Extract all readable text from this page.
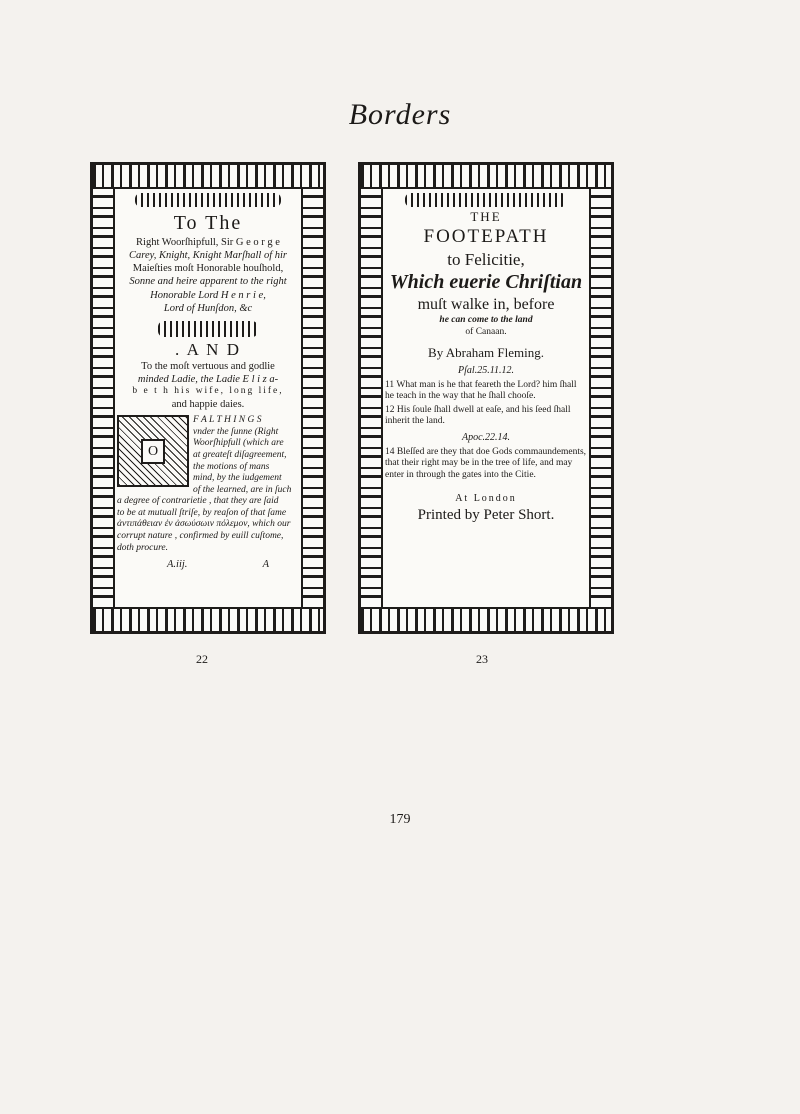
Borders
To The
Right Woorſhipfull, Sir G e o r g e
Carey, Knight, Knight Marſhall of hir
Maieſties moſt Honorable houſhold,
Sonne and heire apparent to the right
Honorable Lord H e n r i e,
Lord of Hunſdon, &c
. A N D
To the moſt vertuous and godlie
minded Ladie, the Ladie E l i z a-
b e t h his wife, long life,
and happie daies.
O
F A L T H I N G S
vnder the ſunne (Right
Woorſhipfull (which are
at greateſt diſagreement,
the motions of mans
mind, by the iudgement
of the learned, are in ſuch
a degree of contrarietie , that they are ſaid
to be at mutuall ſtriſe, by reaſon of that ſame
ἀντιπάθειαν ἐν ἀσωύσωιν πόλεμον, which our
corrupt nature , confirmed by euill cuſtome,
doth procure.
A.iij.	A
THE
FOOTEPATH
to Felicitie,
Which euerie Chriſtian
muſt walke in, before
he can come to the land
of Canaan.
By Abraham Fleming.
Pſal.25.11.12.
11 What man is he that feareth the Lord? him ſhall he teach in the way that he ſhall chooſe.
12 His ſoule ſhall dwell at eaſe, and his ſeed ſhall inherit the land.
Apoc.22.14.
14 Bleſſed are they that doe Gods commaundements, that their right may be in the tree of life, and may enter in through the gates into the Citie.
At London
Printed by Peter Short.
22	23
179
